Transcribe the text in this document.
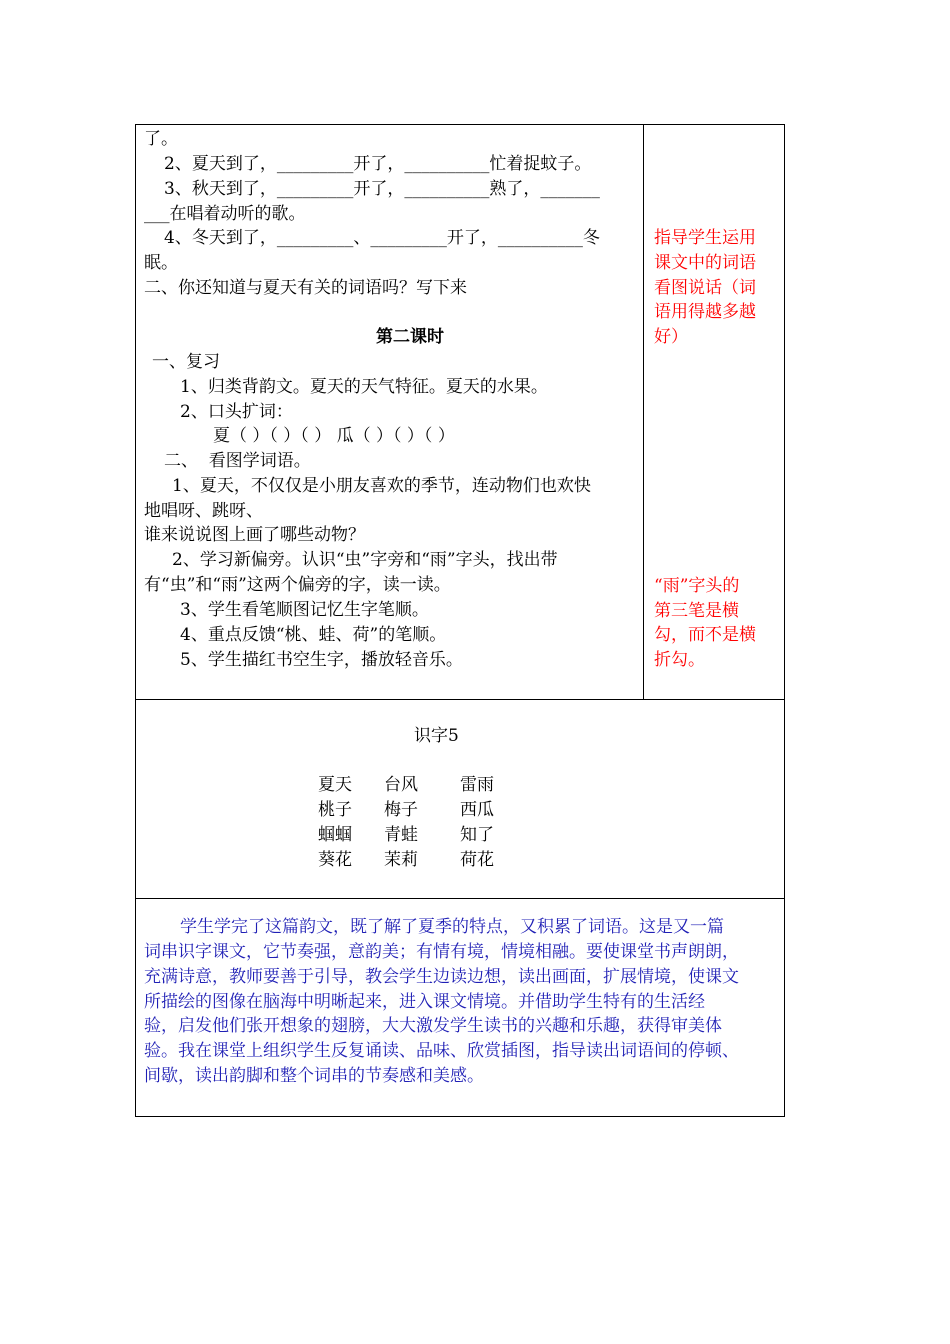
了。
2、夏天到了，_________开了，__________忙着捉蚊子。
3、秋天到了，_________开了，__________熟了，_______
___在唱着动听的歌。
4、冬天到了，_________、_________开了，__________冬
眠。
二、你还知道与夏天有关的词语吗？写下来
第二课时
一、复习
1、归类背韵文。夏天的天气特征。夏天的水果。
2、口头扩词：
夏（ ）（ ）（ ） 瓜（ ）（ ）（ ）
二、  看图学词语。
1、夏天，不仅仅是小朋友喜欢的季节，连动物们也欢快
地唱呀、跳呀、
谁来说说图上画了哪些动物？
2、学习新偏旁。认识“虫”字旁和“雨”字头，找出带
有“虫”和“雨”这两个偏旁的字，读一读。
3、学生看笔顺图记忆生字笔顺。
4、重点反馈“桃、蛙、荷”的笔顺。
5、学生描红书空生字，播放轻音乐。
指导学生运用
课文中的词语
看图说话（词
语用得越多越
好）
“雨”字头的
第三笔是横
勾，而不是横
折勾。
识字5
夏天 台风 雷雨
桃子 梅子 西瓜
蝈蝈 青蛙 知了
葵花 茉莉 荷花
学生学完了这篇韵文，既了解了夏季的特点，又积累了词语。这是又一篇
词串识字课文，它节奏强，意韵美；有情有境，情境相融。要使课堂书声朗朗，
充满诗意，教师要善于引导，教会学生边读边想，读出画面，扩展情境，使课文
所描绘的图像在脑海中明晰起来，进入课文情境。并借助学生特有的生活经
验，启发他们张开想象的翅膀，大大激发学生读书的兴趣和乐趣，获得审美体
验。我在课堂上组织学生反复诵读、品味、欣赏插图，指导读出词语间的停顿、
间歇，读出韵脚和整个词串的节奏感和美感。
